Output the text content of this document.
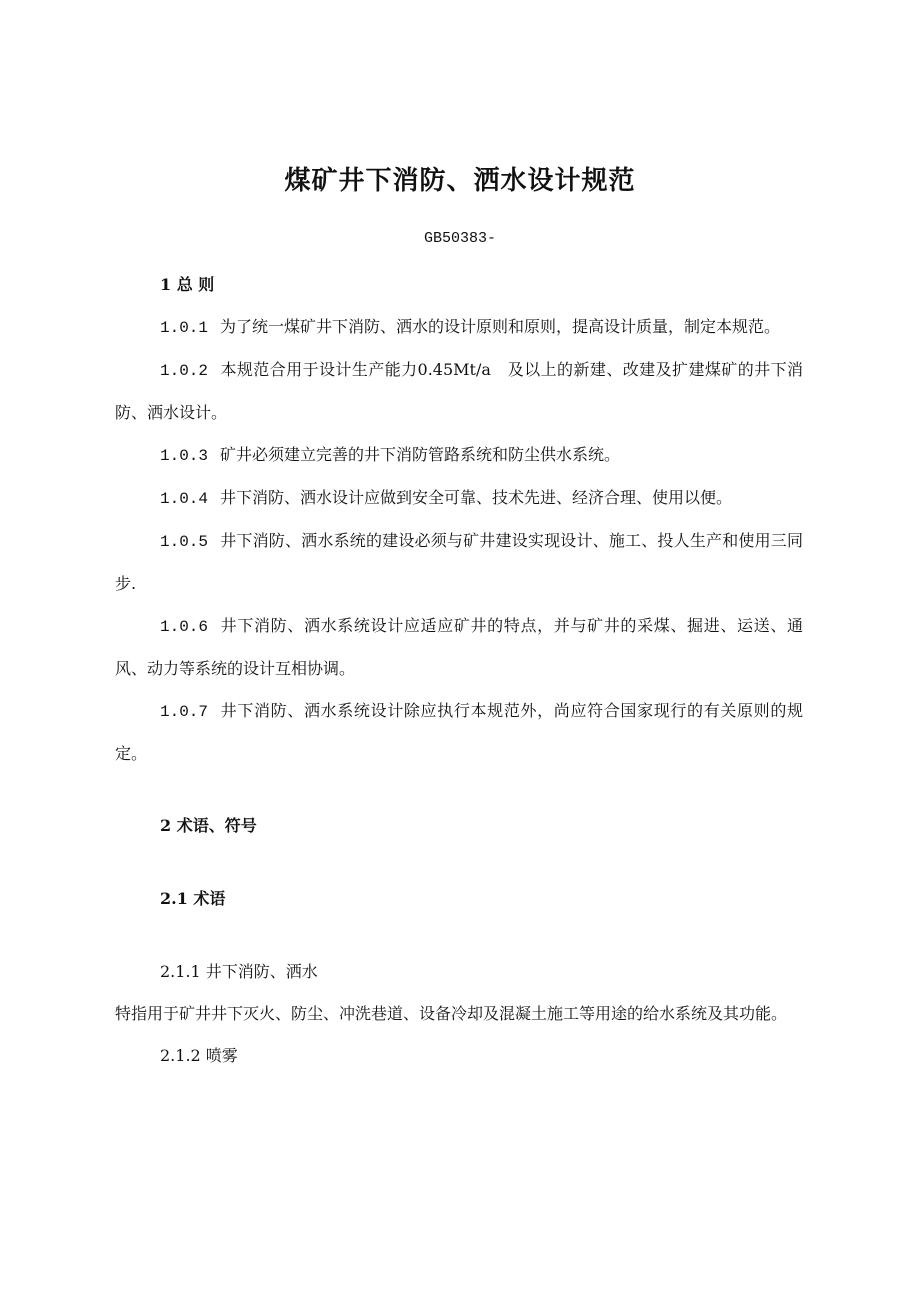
煤矿井下消防、洒水设计规范
GB50383-

1 总 则

1.0.1 为了统一煤矿井下消防、洒水的设计原则和原则，提高设计质量，制定本规范。

1.0.2 本规范合用于设计生产能力0.45Mt/a　及以上的新建、改建及扩建煤矿的井下消防、洒水设计。

1.0.3 矿井必须建立完善的井下消防管路系统和防尘供水系统。

1.0.4 井下消防、洒水设计应做到安全可靠、技术先进、经济合理、使用以便。

1.0.5 井下消防、洒水系统的建设必须与矿井建设实现设计、施工、投人生产和使用三同步.

1.0.6 井下消防、洒水系统设计应适应矿井的特点，并与矿井的采煤、掘进、运送、通风、动力等系统的设计互相协调。

1.0.7 井下消防、洒水系统设计除应执行本规范外，尚应符合国家现行的有关原则的规定。

2 术语、符号

2.1 术语

2.1.1 井下消防、洒水

特指用于矿井井下灭火、防尘、冲洗巷道、设备冷却及混凝土施工等用途的给水系统及其功能。

2.1.2 喷雾
